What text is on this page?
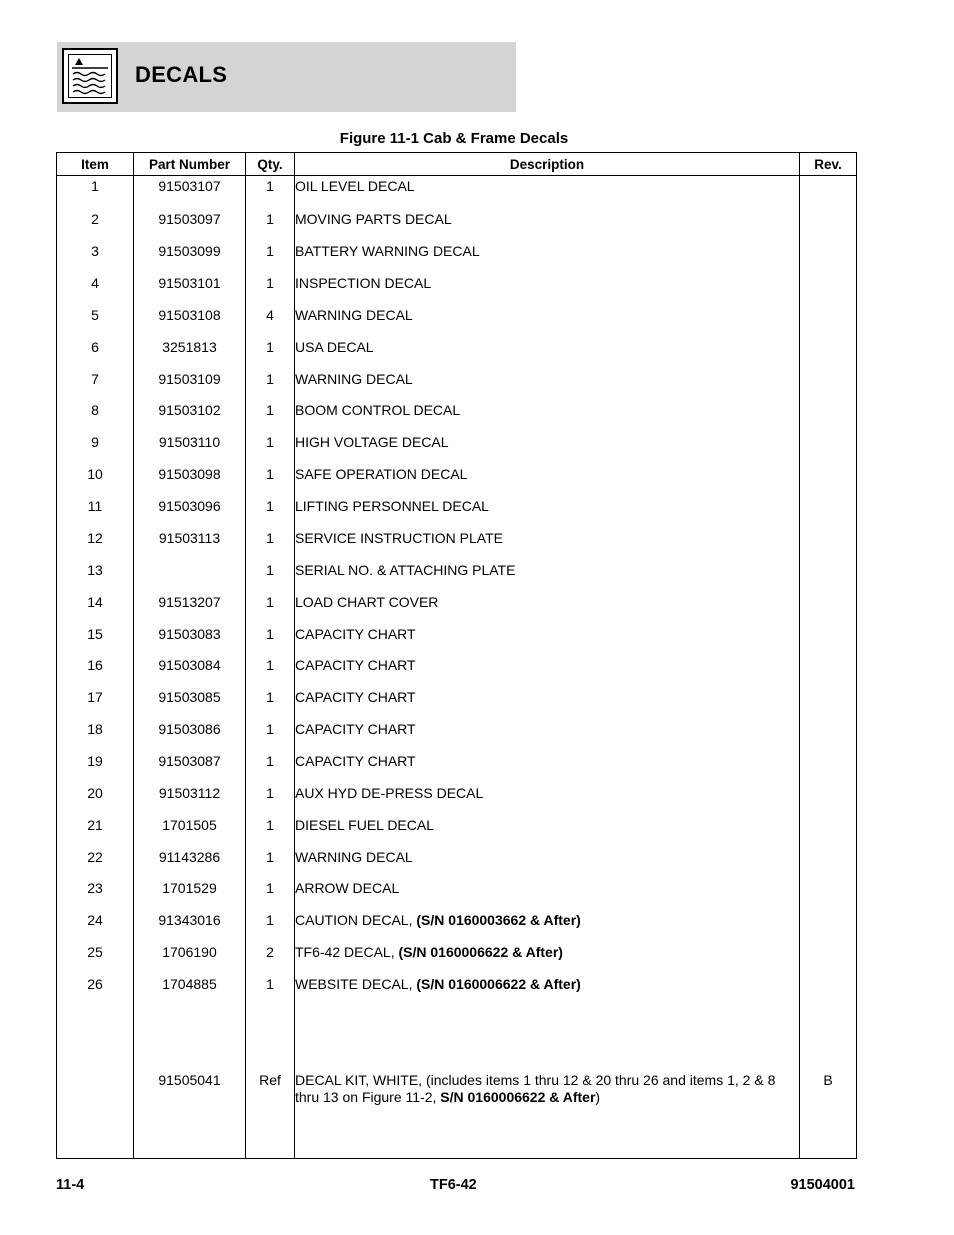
DECALS
Figure 11-1 Cab & Frame Decals
Item	Part Number	Qty.	Description	Rev.
1	91503107	1	OIL LEVEL DECAL	
2	91503097	1	MOVING PARTS DECAL	
3	91503099	1	BATTERY WARNING DECAL	
4	91503101	1	INSPECTION DECAL	
5	91503108	4	WARNING DECAL	
6	3251813	1	USA DECAL	
7	91503109	1	WARNING DECAL	
8	91503102	1	BOOM CONTROL DECAL	
9	91503110	1	HIGH VOLTAGE DECAL	
10	91503098	1	SAFE OPERATION DECAL	
11	91503096	1	LIFTING PERSONNEL DECAL	
12	91503113	1	SERVICE INSTRUCTION PLATE	
13		1	SERIAL NO. & ATTACHING PLATE	
14	91513207	1	LOAD CHART COVER	
15	91503083	1	CAPACITY CHART	
16	91503084	1	CAPACITY CHART	
17	91503085	1	CAPACITY CHART	
18	91503086	1	CAPACITY CHART	
19	91503087	1	CAPACITY CHART	
20	91503112	1	AUX HYD DE-PRESS DECAL	
21	1701505	1	DIESEL FUEL DECAL	
22	91143286	1	WARNING DECAL	
23	1701529	1	ARROW DECAL	
24	91343016	1	CAUTION DECAL, (S/N 0160003662 & After)	
25	1706190	2	TF6-42 DECAL, (S/N 0160006622 & After)	
26	1704885	1	WEBSITE DECAL, (S/N 0160006622 & After)	

	91505041	Ref	DECAL KIT, WHITE, (includes items 1 thru 12 & 20 thru 26 and items 1, 2 & 8 thru 13 on Figure 11-2, S/N 0160006622 & After)	B

11-4	TF6-42	91504001
